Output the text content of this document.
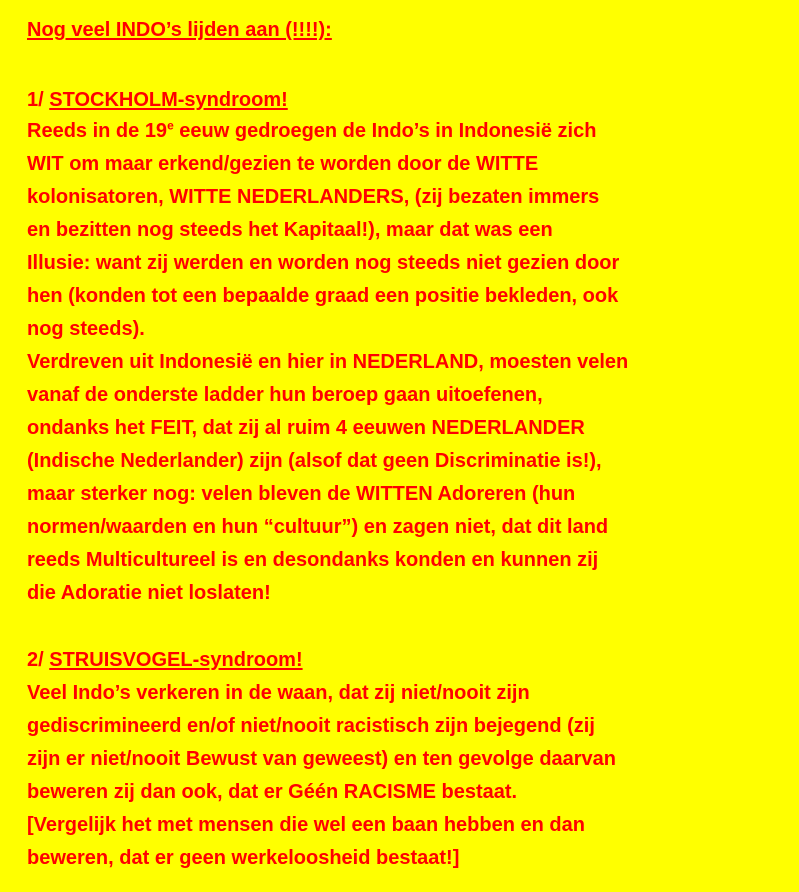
Nog veel INDO’s lijden aan (!!!!):
1/ STOCKHOLM-syndroom!
Reeds in de 19e eeuw gedroegen de Indo’s in Indonesië zich
WIT om maar erkend/gezien te worden door de WITTE
kolonisatoren, WITTE NEDERLANDERS, (zij bezaten immers
en bezitten nog steeds het Kapitaal!), maar dat was een
Illusie: want zij werden en worden nog steeds niet gezien door
hen (konden tot een bepaalde graad een positie bekleden, ook
nog steeds).
Verdreven uit Indonesië en hier in NEDERLAND, moesten velen
vanaf de onderste ladder hun beroep gaan uitoefenen,
ondanks het FEIT, dat zij al ruim 4 eeuwen NEDERLANDER
(Indische Nederlander) zijn (alsof dat geen Discriminatie is!),
maar sterker nog: velen bleven de WITTEN Adoreren (hun
normen/waarden en hun “cultuur”) en zagen niet, dat dit land
reeds Multicultureel is en desondanks konden en kunnen zij
die Adoratie niet loslaten!
2/ STRUISVOGEL-syndroom!
Veel Indo’s verkeren in de waan, dat zij niet/nooit zijn
gediscrimineerd en/of niet/nooit racistisch zijn bejegend (zij
zijn er niet/nooit Bewust van geweest) en ten gevolge daarvan
beweren zij dan ook, dat er Géén RACISME bestaat.
[Vergelijk het met mensen die wel een baan hebben en dan
beweren, dat er geen werkeloosheid bestaat!]
